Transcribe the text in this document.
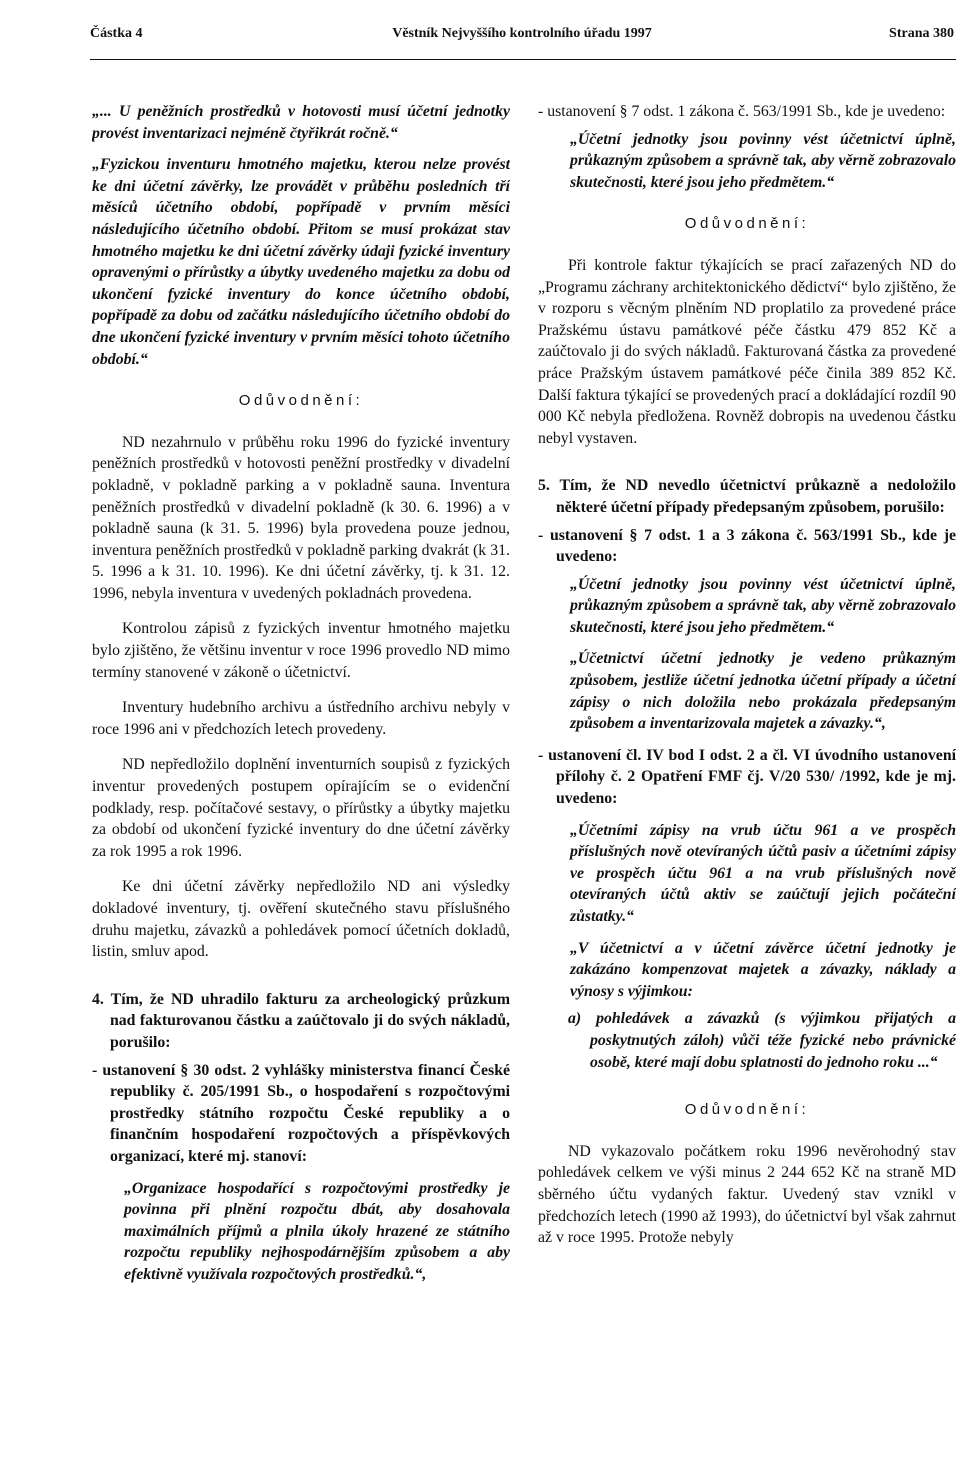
Částka 4	Věstník Nejvyššího kontrolního úřadu 1997	Strana 380

„... U peněžních prostředků v hotovosti musí účetní jednotky provést inventarizaci nejméně čtyřikrát ročně.“

„Fyzickou inventuru hmotného majetku, kterou nelze provést ke dni účetní závěrky, lze provádět v průběhu posledních tří měsíců účetního období, popřípadě v prvním měsíci následujícího účetního období. Přitom se musí prokázat stav hmotného majetku ke dni účetní závěrky údaji fyzické inventury opravenými o přírůstky a úbytky uvedeného majetku za dobu od ukončení fyzické inventury do konce účetního období, popřípadě za dobu od začátku následujícího účetního období do dne ukončení fyzické inventury v prvním měsíci tohoto účetního období.“

Odůvodnění:

ND nezahrnulo v průběhu roku 1996 do fyzické inventury peněžních prostředků v hotovosti peněžní prostředky v divadelní pokladně, v pokladně parking a v pokladně sauna. Inventura peněžních prostředků v divadelní pokladně (k 30. 6. 1996) a v pokladně sauna (k 31. 5. 1996) byla provedena pouze jednou, inventura peněžních prostředků v pokladně parking dvakrát (k 31. 5. 1996 a k 31. 10. 1996). Ke dni účetní závěrky, tj. k 31. 12. 1996, nebyla inventura v uvedených pokladnách provedena.

Kontrolou zápisů z fyzických inventur hmotného majetku bylo zjištěno, že většinu inventur v roce 1996 provedlo ND mimo termíny stanovené v zákoně o účetnictví.

Inventury hudebního archivu a ústředního archivu nebyly v roce 1996 ani v předchozích letech provedeny.

ND nepředložilo doplnění inventurních soupisů z fyzických inventur provedených postupem opírajícím se o evidenční podklady, resp. počítačové sestavy, o přírůstky a úbytky majetku za období od ukončení fyzické inventury do dne účetní závěrky za rok 1995 a rok 1996.

Ke dni účetní závěrky nepředložilo ND ani výsledky dokladové inventury, tj. ověření skutečného stavu příslušného druhu majetku, závazků a pohledávek pomocí účetních dokladů, listin, smluv apod.

4. Tím, že ND uhradilo fakturu za archeologický průzkum nad fakturovanou částku a zaúčtovalo ji do svých nákladů, porušilo:

- ustanovení § 30 odst. 2 vyhlášky ministerstva financí České republiky č. 205/1991 Sb., o hospodaření s rozpočtovými prostředky státního rozpočtu České republiky a o finančním hospodaření rozpočtových a příspěvkových organizací, které mj. stanoví:

„Organizace hospodařící s rozpočtovými prostředky je povinna při plnění rozpočtu dbát, aby dosahovala maximálních příjmů a plnila úkoly hrazené ze státního rozpočtu republiky nejhospodárnějším způsobem a aby efektivně využívala rozpočtových prostředků.“,

- ustanovení § 7 odst. 1 zákona č. 563/1991 Sb., kde je uvedeno:

„Účetní jednotky jsou povinny vést účetnictví úplně, průkazným způsobem a správně tak, aby věrně zobrazovalo skutečnosti, které jsou jeho předmětem.“

Odůvodnění:

Při kontrole faktur týkajících se prací zařazených ND do „Programu záchrany architektonického dědictví“ bylo zjištěno, že v rozporu s věcným plněním ND proplatilo za provedené práce Pražskému ústavu památkové péče částku 479 852 Kč a zaúčtovalo ji do svých nákladů. Fakturovaná částka za provedené práce Pražským ústavem památkové péče činila 389 852 Kč. Další faktura týkající se provedených prací a dokládající rozdíl 90 000 Kč nebyla předložena. Rovněž dobropis na uvedenou částku nebyl vystaven.

5. Tím, že ND nevedlo účetnictví průkazně a nedoložilo některé účetní případy předepsaným způsobem, porušilo:

- ustanovení § 7 odst. 1 a 3 zákona č. 563/1991 Sb., kde je uvedeno:

„Účetní jednotky jsou povinny vést účetnictví úplně, průkazným způsobem a správně tak, aby věrně zobrazovalo skutečnosti, které jsou jeho předmětem.“

„Účetnictví účetní jednotky je vedeno průkazným způsobem, jestliže účetní jednotka účetní případy a účetní zápisy o nich doložila nebo prokázala předepsaným způsobem a inventarizovala majetek a závazky.“,

- ustanovení čl. IV bod I odst. 2 a čl. VI úvodního ustanovení přílohy č. 2 Opatření FMF čj. V/20 530/ /1992, kde je mj. uvedeno:

„Účetními zápisy na vrub účtu 961 a ve prospěch příslušných nově otevíraných účtů pasiv a účetními zápisy ve prospěch účtu 961 a na vrub příslušných nově otevíraných účtů aktiv se zaúčtují jejich počáteční zůstatky.“

„V účetnictví a v účetní závěrce účetní jednotky je zakázáno kompenzovat majetek a závazky, náklady a výnosy s výjimkou:

a) pohledávek a závazků (s výjimkou přijatých a poskytnutých záloh) vůči téže fyzické nebo právnické osobě, které mají dobu splatnosti do jednoho roku ...“

Odůvodnění:

ND vykazovalo počátkem roku 1996 nevěrohodný stav pohledávek celkem ve výši minus 2 244 652 Kč na straně MD sběrného účtu vydaných faktur. Uvedený stav vznikl v předchozích letech (1990 až 1993), do účetnictví byl však zahrnut až v roce 1995. Protože nebyly
